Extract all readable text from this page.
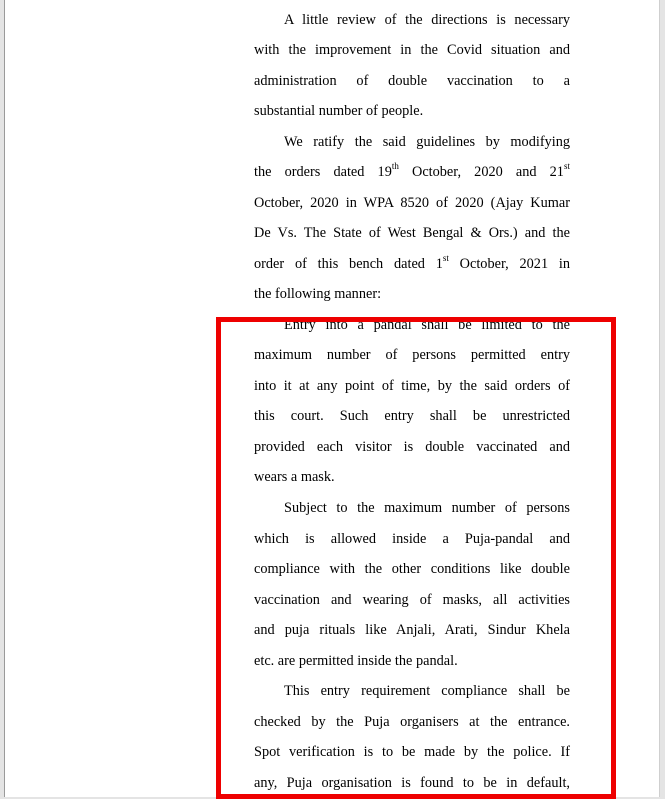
A little review of the directions is necessary
with the improvement in the Covid situation and
administration of double vaccination to a
substantial number of people.
We ratify the said guidelines by modifying
the orders dated 19th October, 2020 and 21st
October, 2020 in WPA 8520 of 2020 (Ajay Kumar
De Vs. The State of West Bengal & Ors.) and the
order of this bench dated 1st October, 2021 in
the following manner:
Entry into a pandal shall be limited to the
maximum number of persons permitted entry
into it at any point of time, by the said orders of
this court. Such entry shall be unrestricted
provided each visitor is double vaccinated and
wears a mask.
Subject to the maximum number of persons
which is allowed inside a Puja-pandal and
compliance with the other conditions like double
vaccination and wearing of masks, all activities
and puja rituals like Anjali, Arati, Sindur Khela
etc. are permitted inside the pandal.
This entry requirement compliance shall be
checked by the Puja organisers at the entrance.
Spot verification is to be made by the police. If
any, Puja organisation is found to be in default,
